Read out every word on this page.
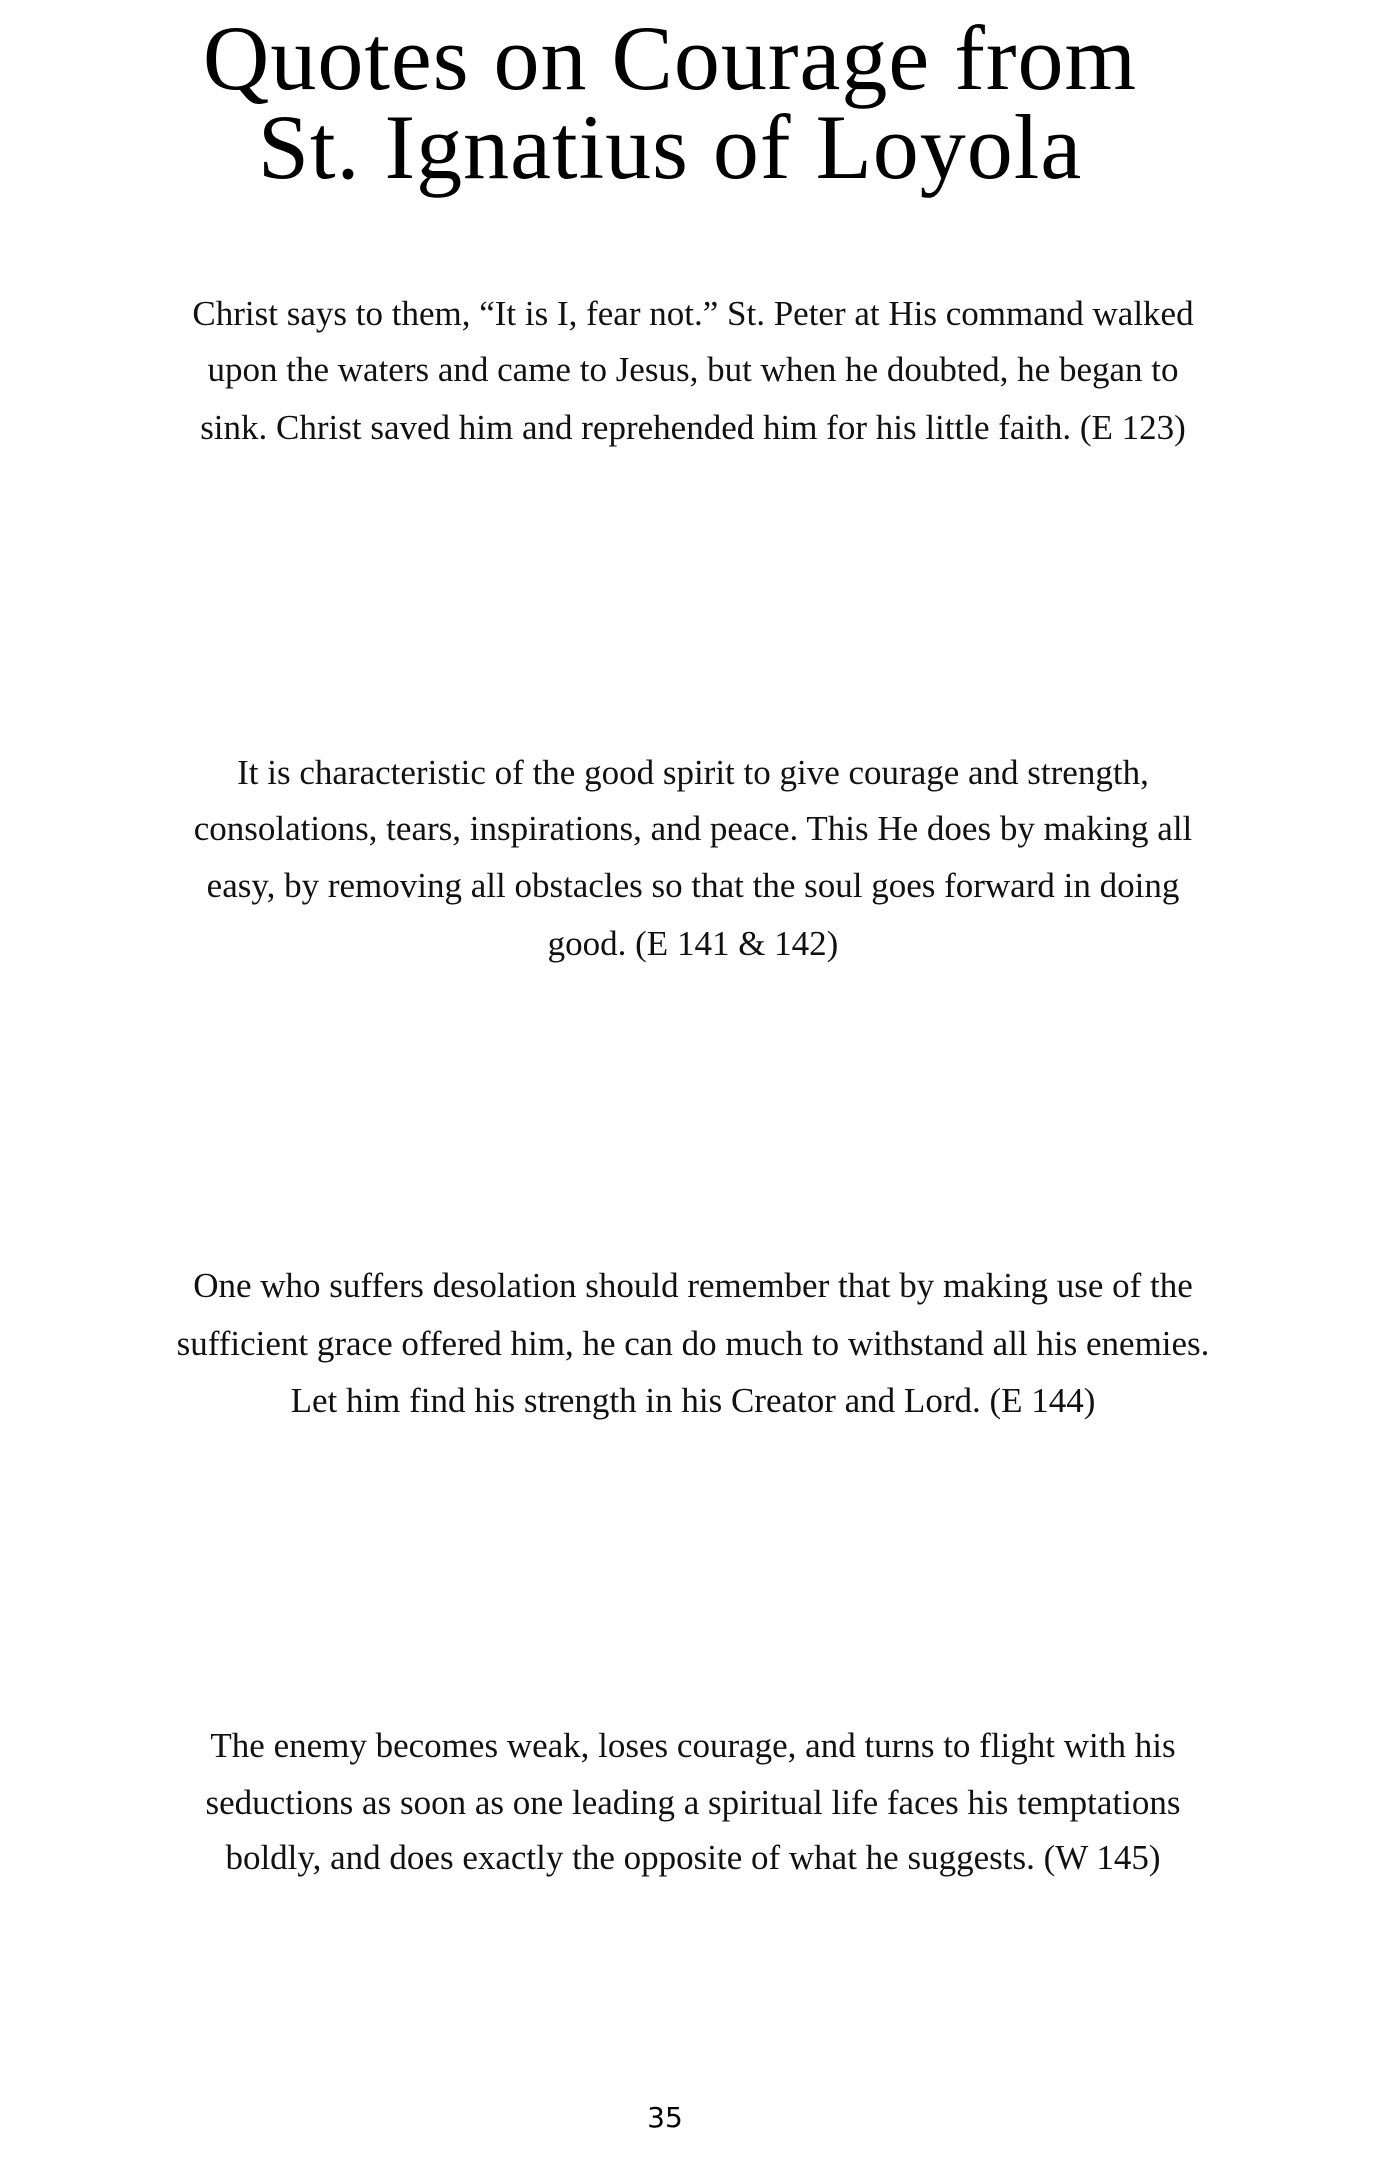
Quotes on Courage from
St. Ignatius of Loyola
Christ says to them, “It is I, fear not.” St. Peter at His command walked
upon the waters and came to Jesus, but when he doubted, he began to
sink. Christ saved him and reprehended him for his little faith. (E 123)
It is characteristic of the good spirit to give courage and strength,
consolations, tears, inspirations, and peace. This He does by making all
easy, by removing all obstacles so that the soul goes forward in doing
good. (E 141 & 142)
One who suffers desolation should remember that by making use of the
sufficient grace offered him, he can do much to withstand all his enemies.
Let him find his strength in his Creator and Lord. (E 144)
The enemy becomes weak, loses courage, and turns to flight with his
seductions as soon as one leading a spiritual life faces his temptations
boldly, and does exactly the opposite of what he suggests. (W 145)
35
